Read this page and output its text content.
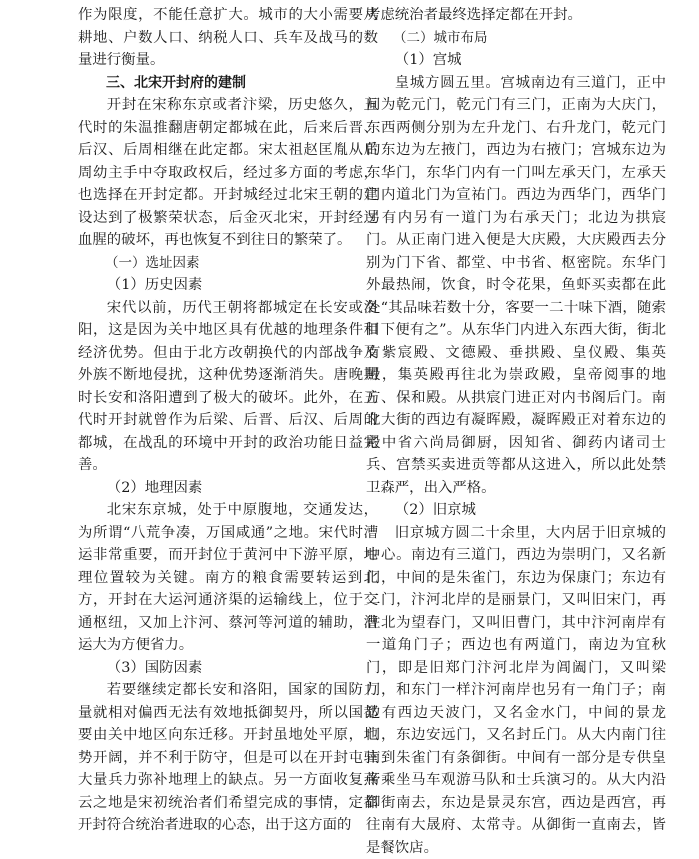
作为限度，不能任意扩大。城市的大小需要从耕地、户数人口、纳税人口、兵车及战马的数量进行衡量。

三、北宋开封府的建制

开封在宋称东京或者汴梁，历史悠久，五代时的朱温推翻唐朝定都城在此，后来后晋、后汉、后周相继在此定都。宋太祖赵匡胤从后周幼主手中夺取政权后，经过多方面的考虑，也选择在开封定都。开封城经过北宋王朝的建设达到了极繁荣状态，后金灭北宋，开封经过血腥的破坏，再也恢复不到往日的繁荣了。

（一）选址因素

（1）历史因素

宋代以前，历代王朝将都城定在长安或洛阳，这是因为关中地区具有优越的地理条件和经济优势。但由于北方改朝换代的内部战争及外族不断地侵扰，这种优势逐渐消失。唐晚期时长安和洛阳遭到了极大的破坏。此外，在五代时开封就曾作为后梁、后晋、后汉、后周的都城，在战乱的环境中开封的政治功能日益完善。

（2）地理因素

北宋东京城，处于中原腹地，交通发达，为所谓“八荒争凑，万国咸通”之地。宋代时漕运非常重要，而开封位于黄河中下游平原，地理位置较为关键。南方的粮食需要转运到北方，开封在大运河通济渠的运输线上，位于交通枢纽，又加上汴河、蔡河等河道的辅助，漕运大为方便省力。

（3）国防因素

若要继续定都长安和洛阳，国家的国防力量就相对偏西无法有效地抵御契丹，所以国都要由关中地区向东迁移。开封虽地处平原，地势开阔，并不利于防守，但是可以在开封屯驻大量兵力弥补地理上的缺点。另一方面收复燕云之地是宋初统治者们希望完成的事情，定都开封符合统治者进取的心态，出于这方面的

考虑统治者最终选择定都在开封。

（二）城市布局

（1）宫城

皇城方圆五里。宫城南边有三道门，正中间为乾元门，乾元门有三门，正南为大庆门，东西两侧分别为左升龙门、右升龙门，乾元门的东边为左掖门，西边为右掖门；宫城东边为东华门，东华门内有一门叫左承天门，左承天门内道北门为宣祐门。西边为西华门，西华门另有内另有一道门为右承天门；北边为拱宸门。从正南门进入便是大庆殿，大庆殿西去分别为门下省、都堂、中书省、枢密院。东华门外最热闹，饮食，时令花果，鱼虾买卖都在此处“其品味若数十分，客要一二十味下酒，随索目下便有之”。从东华门内进入东西大街，街北有紫宸殿、文德殿、垂拱殿、皇仪殿、集英殿，集英殿再往北为崇政殿，皇帝阅事的地方、保和殿。从拱宸门进正对内书阁后门。南北大街的西边有凝晖殿，凝晖殿正对着东边的殿中省六尚局御厨，因知省、御药内诸司士兵、宫禁买卖进贡等都从这进入，所以此处禁卫森严，出入严格。

（2）旧京城

旧京城方圆二十余里，大内居于旧京城的中心。南边有三道门，西边为崇明门，又名新门，中间的是朱雀门，东边为保康门；东边有二门，汴河北岸的是丽景门，又叫旧宋门，再往北为望春门，又叫旧曹门，其中汴河南岸有一道角门子；西边也有两道门，南边为宜秋门，即是旧郑门汴河北岸为阊阖门，又叫梁门，和东门一样汴河南岸也另有一角门子；南边有西边天波门，又名金水门，中间的景龙门，东边安远门，又名封丘门。从大内南门往南到朱雀门有条御街。中间有一部分是专供皇帝乘坐马车观游马队和士兵演习的。从大内沿御街南去，东边是景灵东宫，西边是西宫，再往南有大晟府、太常寺。从御街一直南去，皆是餐饮店。
